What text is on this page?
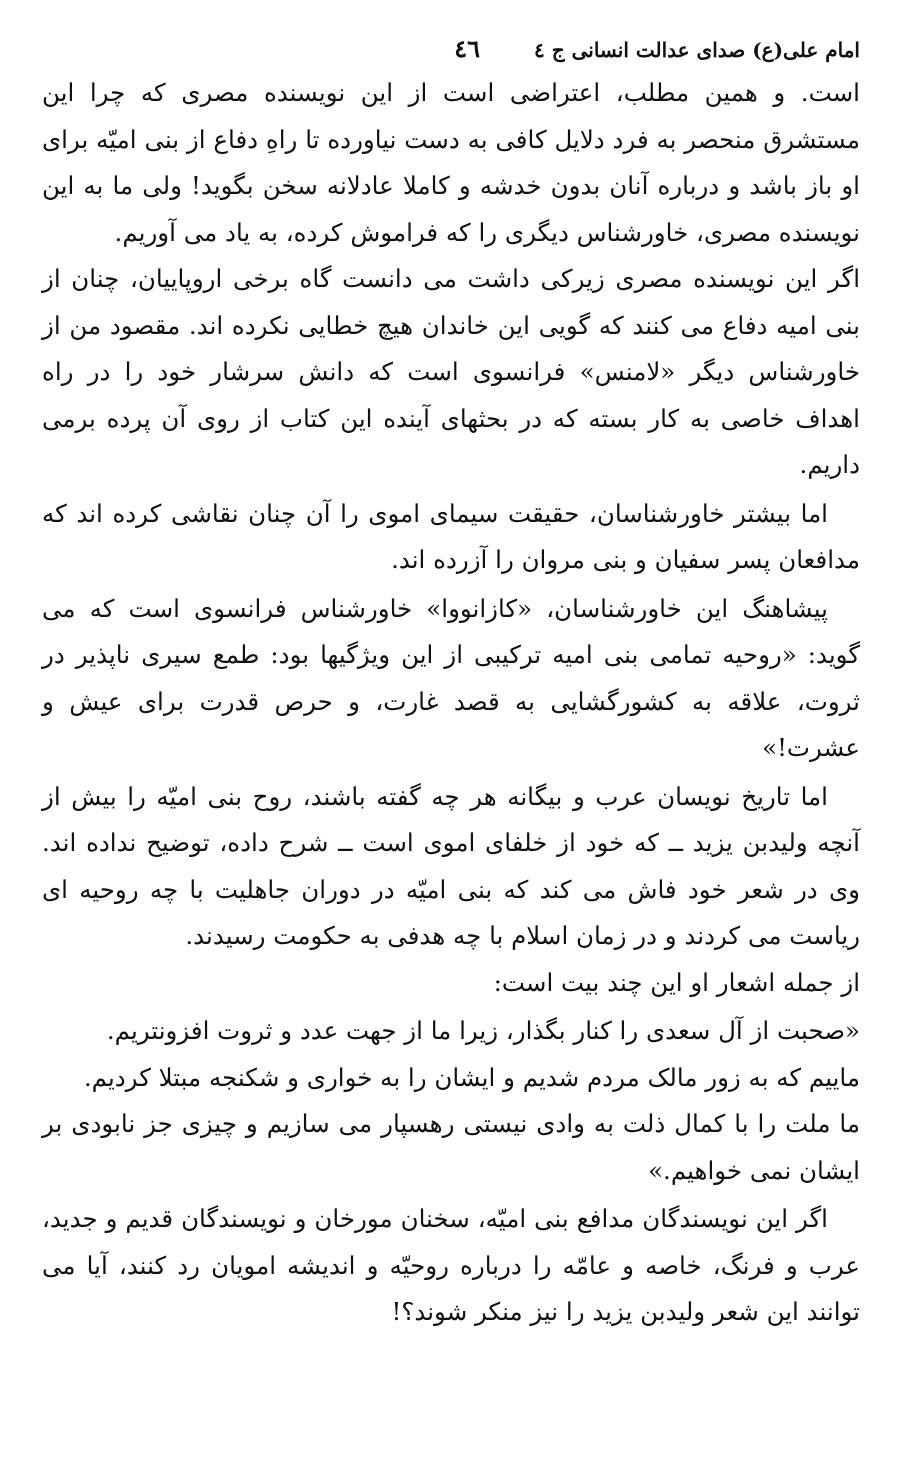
امام علی(ع) صدای عدالت انسانی ج ٤
٤٦

است. و همین مطلب، اعتراضی است از این نویسنده مصری که چرا این مستشرق منحصر به فرد دلایل کافی به دست نیاورده تا راهِ دفاع از بنی امیّه برای او باز باشد و درباره آنان بدون خدشه و کاملا عادلانه سخن بگوید! ولی ما به این نویسنده مصری، خاورشناس دیگری را که فراموش کرده، به یاد می آوریم.

اگر این نویسنده مصری زیرکی داشت می دانست گاه برخی اروپاییان، چنان از بنی امیه دفاع می کنند که گویی این خاندان هیچ خطایی نکرده اند. مقصود من از خاورشناس دیگر «لامنس» فرانسوی است که دانش سرشار خود را در راه اهداف خاصی به کار بسته که در بحثهای آینده این کتاب از روی آن پرده برمی داریم.

اما بیشتر خاورشناسان، حقیقت سیمای اموی را آن چنان نقاشی کرده اند که مدافعان پسر سفیان و بنی مروان را آزرده اند.

پیشاهنگ این خاورشناسان، «کازانووا» خاورشناس فرانسوی است که می گوید: «روحیه تمامی بنی امیه ترکیبی از این ویژگیها بود: طمع سیری ناپذیر در ثروت، علاقه به کشورگشایی به قصد غارت، و حرص قدرت برای عیش و عشرت!»

اما تاریخ نویسان عرب و بیگانه هر چه گفته باشند، روح بنی امیّه را بیش از آنچه ولیدبن یزید ــ که خود از خلفای اموی است ــ شرح داده، توضیح نداده اند. وی در شعر خود فاش می کند که بنی امیّه در دوران جاهلیت با چه روحیه ای ریاست می کردند و در زمان اسلام با چه هدفی به حکومت رسیدند.

از جمله اشعار او این چند بیت است:

«صحبت از آل سعدی را کنار بگذار، زیرا ما از جهت عدد و ثروت افزونتریم.

ماییم که به زور مالک مردم شدیم و ایشان را به خواری و شکنجه مبتلا کردیم.

ما ملت را با کمال ذلت به وادی نیستی رهسپار می سازیم و چیزی جز نابودی بر ایشان نمی خواهیم.»

اگر این نویسندگان مدافع بنی امیّه، سخنان مورخان و نویسندگان قدیم و جدید، عرب و فرنگ، خاصه و عامّه را درباره روحیّه و اندیشه امویان رد کنند، آیا می توانند این شعر ولیدبن یزید را نیز منکر شوند؟!
